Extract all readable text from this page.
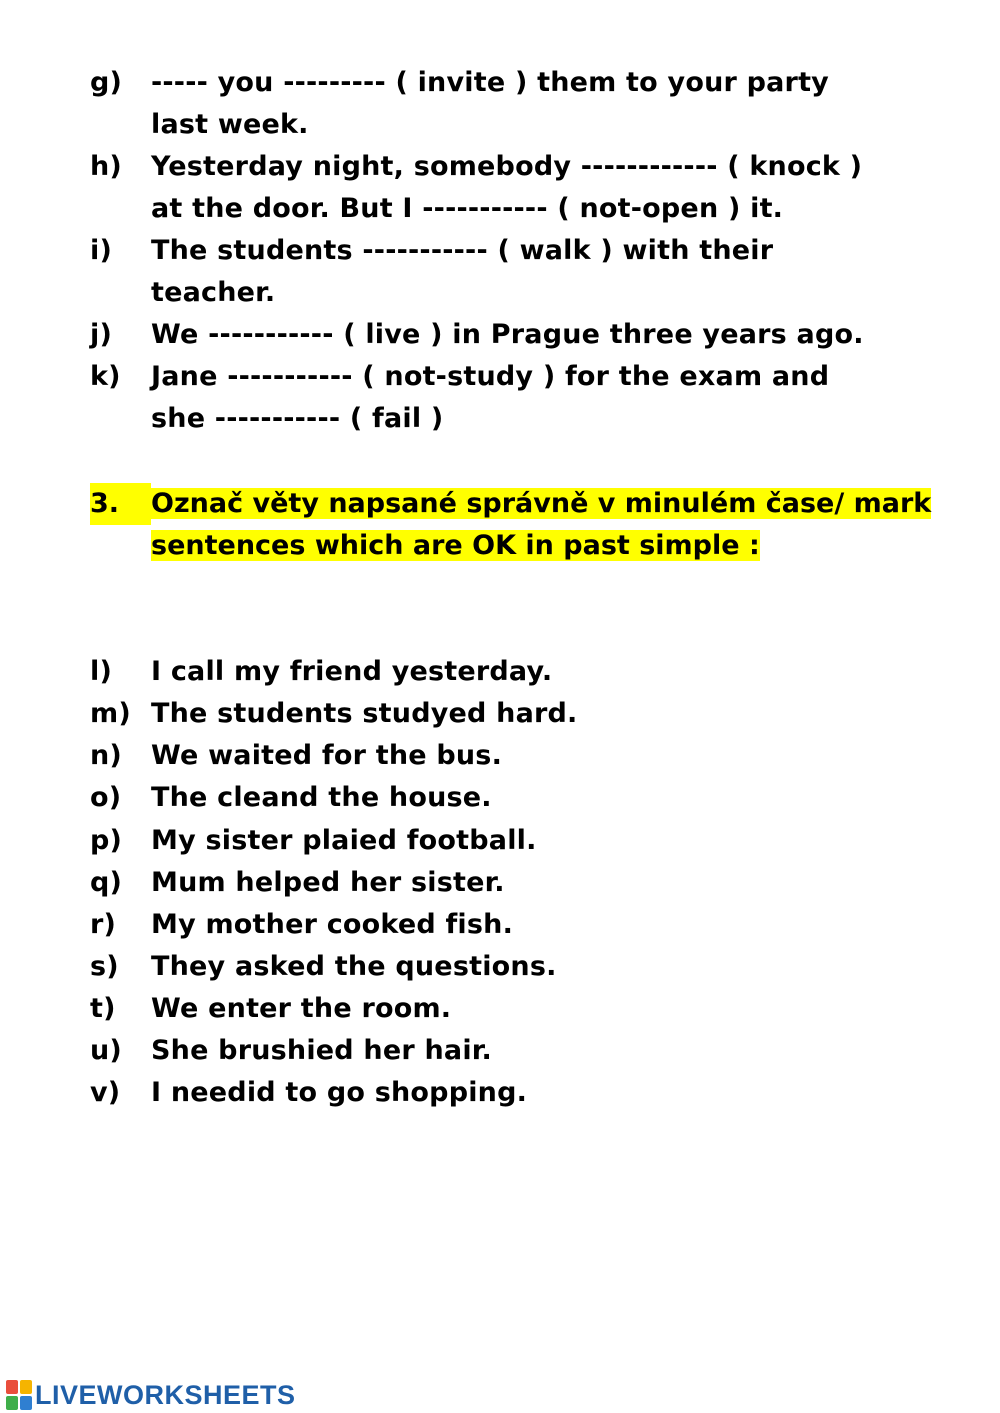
g)	----- you --------- ( invite ) them to your party
last week.
h)	Yesterday night, somebody ------------ ( knock )
at the door. But I ----------- ( not-open ) it.
i)	The students ----------- ( walk ) with their
teacher.
j)	We ----------- ( live ) in Prague three years ago.
k)	Jane ----------- ( not-study ) for the exam and
she ----------- ( fail )
3.	Označ věty napsané správně v minulém čase/ mark
sentences which are OK in past simple :
l)	I call my friend yesterday.
m) The students studyed hard.
n)	We waited for the bus.
o)	The cleand the house.
p)	My sister plaied football.
q)	Mum helped her sister.
r)	My mother cooked fish.
s)	They asked the questions.
t)	We enter the room.
u)	She brushied her hair.
v)	I needid to go shopping.
LIVEWORKSHEETS
